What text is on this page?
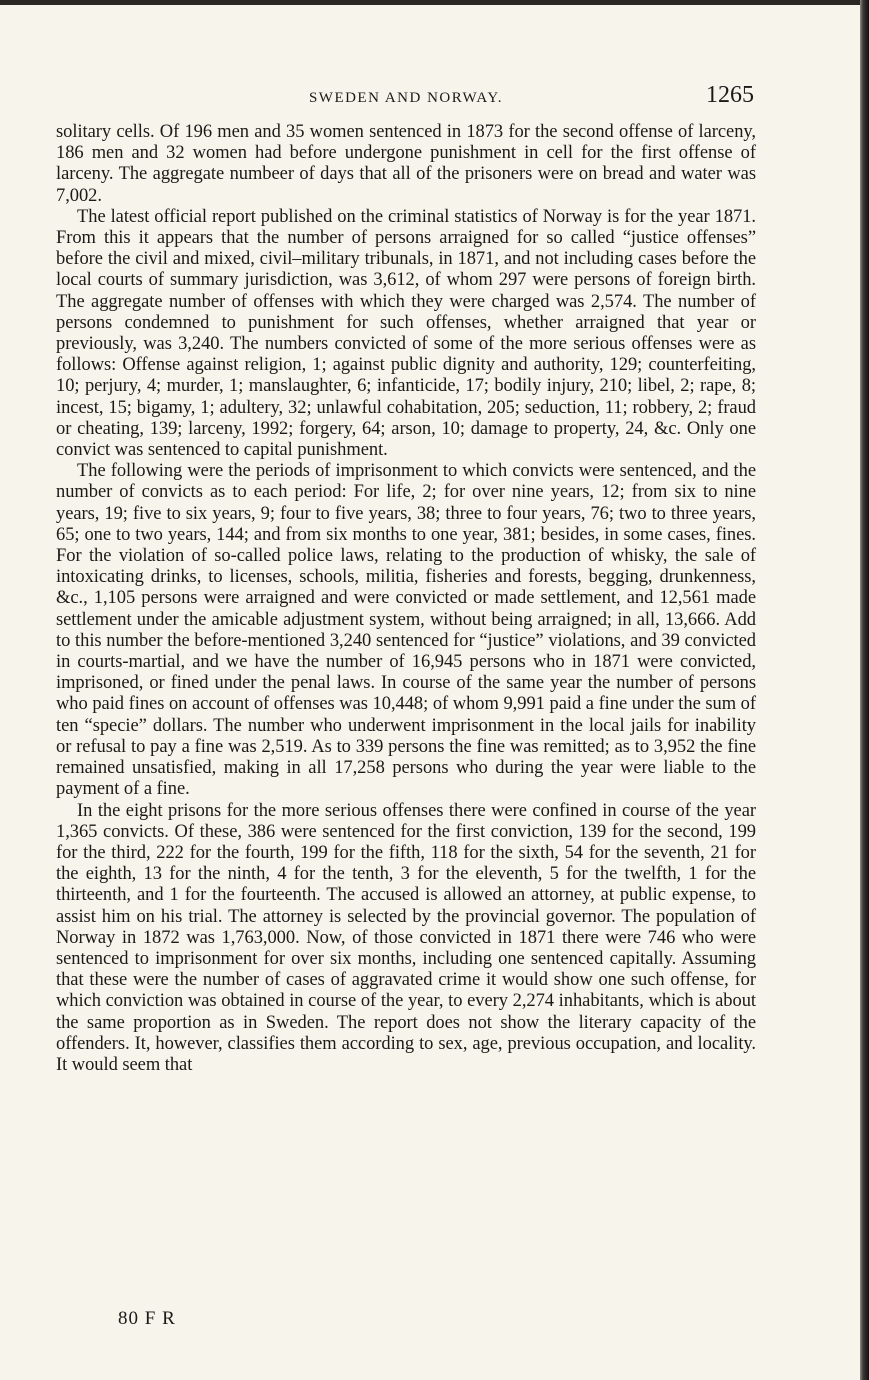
SWEDEN AND NORWAY.	1265

solitary cells. Of 196 men and 35 women sentenced in 1873 for the second offense of larceny, 186 men and 32 women had before undergone punishment in cell for the first offense of larceny. The aggregate numbeer of days that all of the prisoners were on bread and water was 7,002.

The latest official report published on the criminal statistics of Norway is for the year 1871. From this it appears that the number of persons arraigned for so called “justice offenses” before the civil and mixed, civil–military tribunals, in 1871, and not including cases before the local courts of summary jurisdiction, was 3,612, of whom 297 were persons of foreign birth. The aggregate number of offenses with which they were charged was 2,574. The number of persons condemned to punishment for such offenses, whether arraigned that year or previously, was 3,240. The numbers convicted of some of the more serious offenses were as follows: Offense against religion, 1; against public dignity and authority, 129; counterfeiting, 10; perjury, 4; murder, 1; manslaughter, 6; infanticide, 17; bodily injury, 210; libel, 2; rape, 8; incest, 15; bigamy, 1; adultery, 32; unlawful cohabitation, 205; seduction, 11; robbery, 2; fraud or cheating, 139; larceny, 1992; forgery, 64; arson, 10; damage to property, 24, &c. Only one convict was sentenced to capital punishment.

The following were the periods of imprisonment to which convicts were sentenced, and the number of convicts as to each period: For life, 2; for over nine years, 12; from six to nine years, 19; five to six years, 9; four to five years, 38; three to four years, 76; two to three years, 65; one to two years, 144; and from six months to one year, 381; besides, in some cases, fines. For the violation of so-called police laws, relating to the production of whisky, the sale of intoxicating drinks, to licenses, schools, militia, fisheries and forests, begging, drunkenness, &c., 1,105 persons were arraigned and were convicted or made settlement, and 12,561 made settlement under the amicable adjustment system, without being arraigned; in all, 13,666. Add to this number the before-mentioned 3,240 sentenced for “justice” violations, and 39 convicted in courts-martial, and we have the number of 16,945 persons who in 1871 were convicted, imprisoned, or fined under the penal laws. In course of the same year the number of persons who paid fines on account of offenses was 10,448; of whom 9,991 paid a fine under the sum of ten “specie” dollars. The number who underwent imprisonment in the local jails for inability or refusal to pay a fine was 2,519. As to 339 persons the fine was remitted; as to 3,952 the fine remained unsatisfied, making in all 17,258 persons who during the year were liable to the payment of a fine.

In the eight prisons for the more serious offenses there were confined in course of the year 1,365 convicts. Of these, 386 were sentenced for the first conviction, 139 for the second, 199 for the third, 222 for the fourth, 199 for the fifth, 118 for the sixth, 54 for the seventh, 21 for the eighth, 13 for the ninth, 4 for the tenth, 3 for the eleventh, 5 for the twelfth, 1 for the thirteenth, and 1 for the fourteenth. The accused is allowed an attorney, at public expense, to assist him on his trial. The attorney is selected by the provincial governor. The population of Norway in 1872 was 1,763,000. Now, of those convicted in 1871 there were 746 who were sentenced to imprisonment for over six months, including one sentenced capitally. Assuming that these were the number of cases of aggravated crime it would show one such offense, for which conviction was obtained in course of the year, to every 2,274 inhabitants, which is about the same proportion as in Sweden. The report does not show the literary capacity of the offenders. It, however, classifies them according to sex, age, previous occupation, and locality. It would seem that

80 F R
